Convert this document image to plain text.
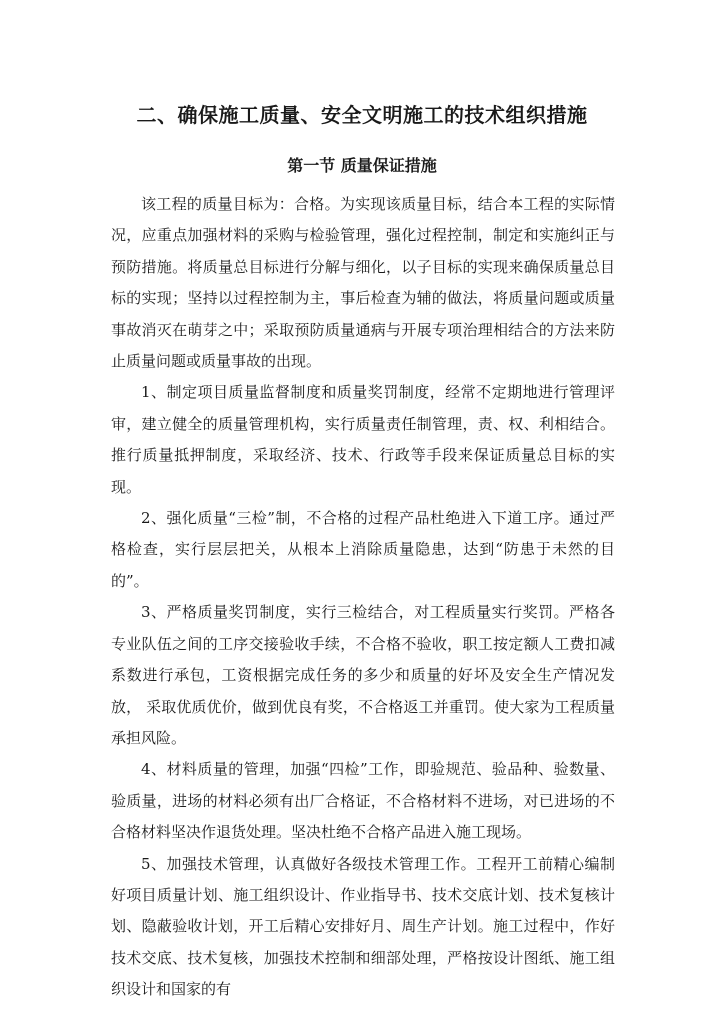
二、确保施工质量、安全文明施工的技术组织措施
第一节 质量保证措施

该工程的质量目标为：合格。为实现该质量目标，结合本工程的实际情况，应重点加强材料的采购与检验管理，强化过程控制，制定和实施纠正与预防措施。将质量总目标进行分解与细化，以子目标的实现来确保质量总目标的实现；坚持以过程控制为主，事后检查为辅的做法，将质量问题或质量事故消灭在萌芽之中；采取预防质量通病与开展专项治理相结合的方法来防止质量问题或质量事故的出现。

1、制定项目质量监督制度和质量奖罚制度，经常不定期地进行管理评审，建立健全的质量管理机构，实行质量责任制管理，责、权、利相结合。推行质量抵押制度，采取经济、技术、行政等手段来保证质量总目标的实现。

2、强化质量“三检”制，不合格的过程产品杜绝进入下道工序。通过严格检查，实行层层把关，从根本上消除质量隐患，达到“防患于未然的目的”。

3、严格质量奖罚制度，实行三检结合，对工程质量实行奖罚。严格各专业队伍之间的工序交接验收手续，不合格不验收，职工按定额人工费扣减系数进行承包，工资根据完成任务的多少和质量的好坏及安全生产情况发放， 采取优质优价，做到优良有奖，不合格返工并重罚。使大家为工程质量承担风险。

4、材料质量的管理，加强“四检”工作，即验规范、验品种、验数量、验质量，进场的材料必须有出厂合格证，不合格材料不进场，对已进场的不合格材料坚决作退货处理。坚决杜绝不合格产品进入施工现场。

5、加强技术管理，认真做好各级技术管理工作。工程开工前精心编制好项目质量计划、施工组织设计、作业指导书、技术交底计划、技术复核计划、隐蔽验收计划，开工后精心安排好月、周生产计划。施工过程中，作好技术交底、技术复核，加强技术控制和细部处理，严格按设计图纸、施工组织设计和国家的有
